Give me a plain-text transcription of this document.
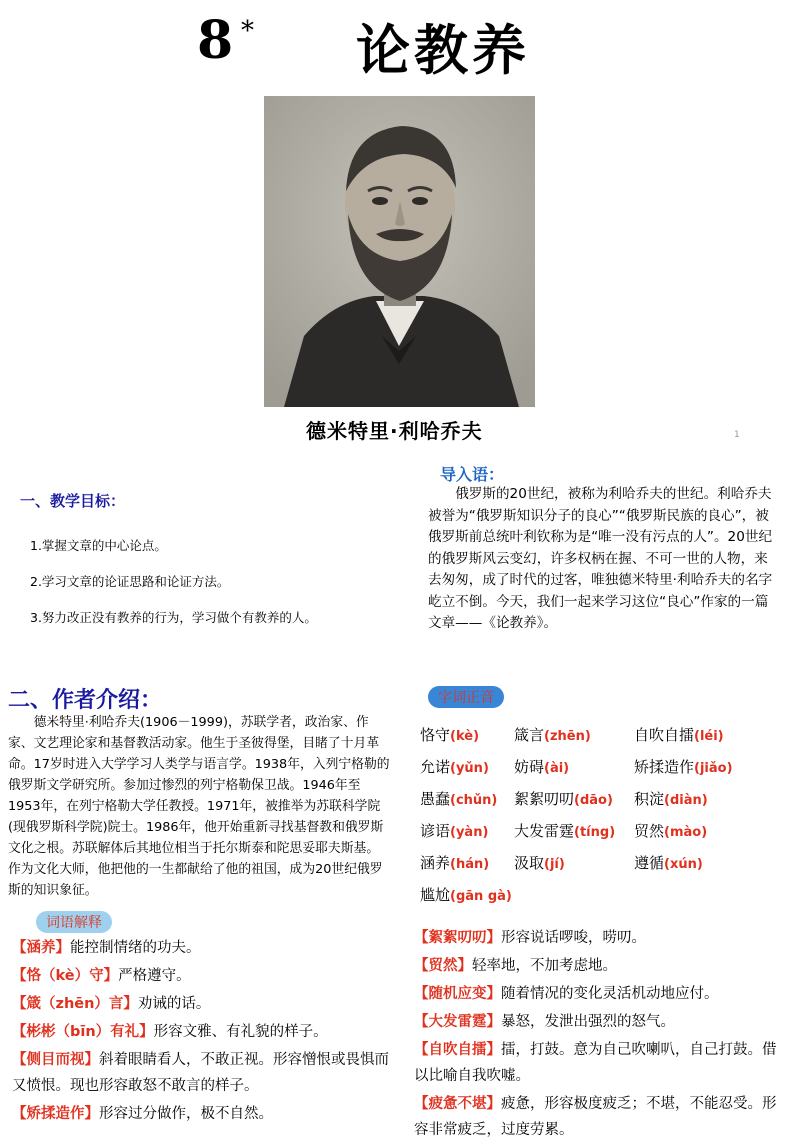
8 * 论教养
德米特里·利哈乔夫	1
一、教学目标：
1.掌握文章的中心论点。
2.学习文章的论证思路和论证方法。
3.努力改正没有教养的行为，学习做个有教养的人。
导入语：

俄罗斯的20世纪，被称为利哈乔夫的世纪。利哈乔夫被誉为“俄罗斯知识分子的良心”“俄罗斯民族的良心”，被俄罗斯前总统叶利钦称为是“唯一没有污点的人”。20世纪的俄罗斯风云变幻，许多权柄在握、不可一世的人物，来去匆匆，成了时代的过客，唯独德米特里·利哈乔夫的名字屹立不倒。今天，我们一起来学习这位“良心”作家的一篇文章——《论教养》。

二、作者介绍：

德米特里·利哈乔夫(1906－1999)，苏联学者，政治家、作家、文艺理论家和基督教活动家。他生于圣彼得堡，目睹了十月革命。17岁时进入大学学习人类学与语言学。1938年，入列宁格勒的俄罗斯文学研究所。参加过惨烈的列宁格勒保卫战。1946年至1953年，在列宁格勒大学任教授。1971年，被推举为苏联科学院(现俄罗斯科学院)院士。1986年，他开始重新寻找基督教和俄罗斯文化之根。苏联解体后其地位相当于托尔斯泰和陀思妥耶夫斯基。作为文化大师，他把他的一生都献给了他的祖国，成为20世纪俄罗斯的知识象征。

字词正音
恪守(kè)	箴言(zhēn)	自吹自擂(léi)
允诺(yǔn)	妨碍(ài)	矫揉造作(jiǎo)
愚蠢(chǔn)	絮絮叨叨(dāo)	积淀(diàn)
谚语(yàn)	大发雷霆(tíng)	贸然(mào)
涵养(hán)	汲取(jí)	遵循(xún)
尴尬(gān gà)
词语解释
【涵养】能控制情绪的功夫。
【恪（kè）守】严格遵守。
【箴（zhēn）言】劝诫的话。
【彬彬（bīn）有礼】形容文雅、有礼貌的样子。
【侧目而视】斜着眼睛看人，不敢正视。形容憎恨或畏惧而又愤恨。现也形容敢怒不敢言的样子。
【矫揉造作】形容过分做作，极不自然。
【絮絮叨叨】形容说话啰唆，唠叨。
【贸然】轻率地，不加考虑地。
【随机应变】随着情况的变化灵活机动地应付。
【大发雷霆】暴怒，发泄出强烈的怒气。
【自吹自擂】擂，打鼓。意为自己吹喇叭，自己打鼓。借以比喻自我吹嘘。
【疲惫不堪】疲惫，形容极度疲乏；不堪，不能忍受。形容非常疲乏，过度劳累。
